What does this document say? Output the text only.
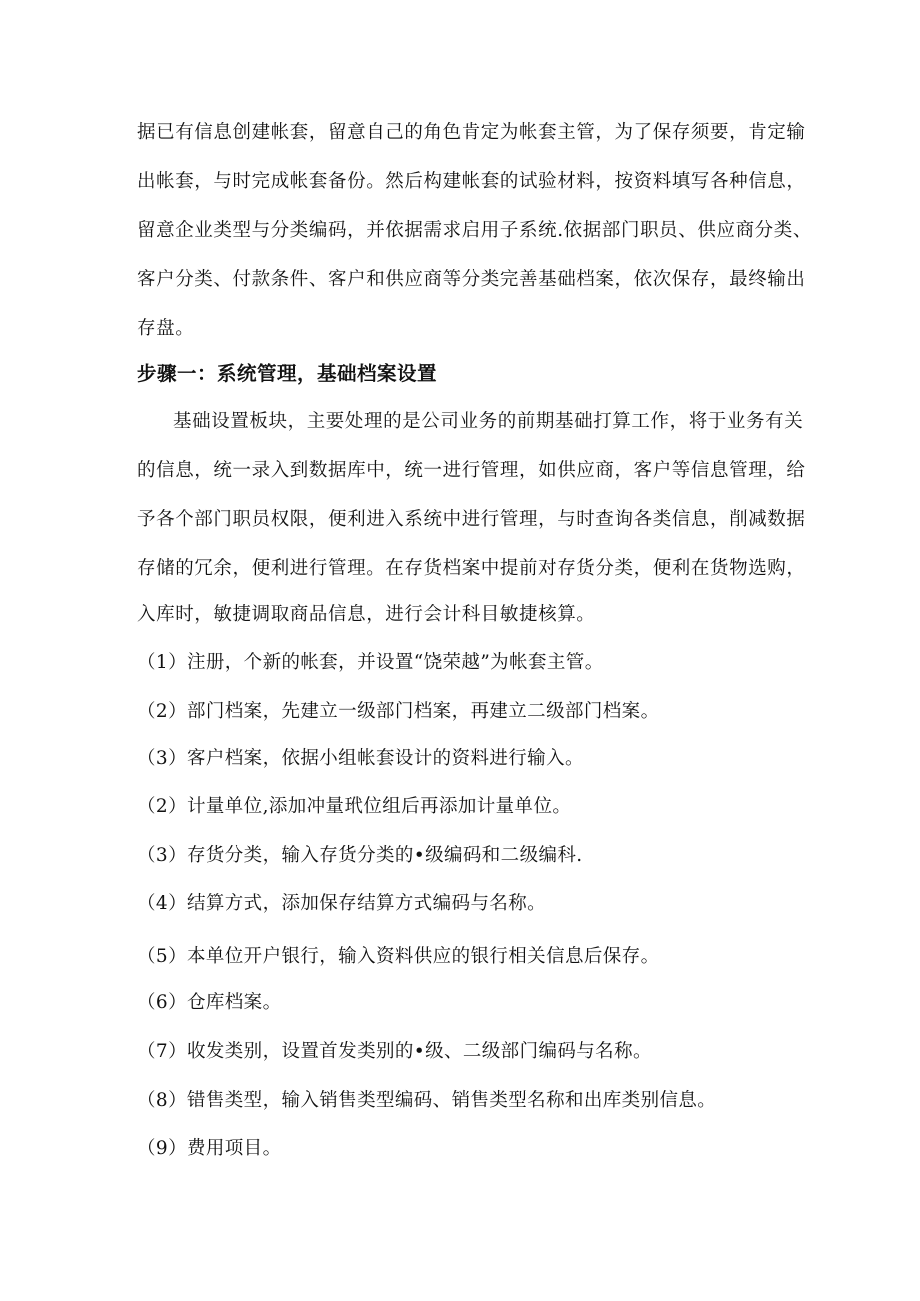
据已有信息创建帐套，留意自己的角色肯定为帐套主管，为了保存须要，肯定输
出帐套，与时完成帐套备份。然后构建帐套的试验材料，按资料填写各种信息，
留意企业类型与分类编码，并依据需求启用子系统.依据部门职员、供应商分类、
客户分类、付款条件、客户和供应商等分类完善基础档案，依次保存，最终输出
存盘。
步骤一：系统管理，基础档案设置
基础设置板块，主要处理的是公司业务的前期基础打算工作，将于业务有关
的信息，统一录入到数据库中，统一进行管理，如供应商，客户等信息管理，给
予各个部门职员权限，便利进入系统中进行管理，与时查询各类信息，削减数据
存储的冗余，便利进行管理。在存货档案中提前对存货分类，便利在货物选购，
入库时，敏捷调取商品信息，进行会计科目敏捷核算。
（1）注册，个新的帐套，并设置“饶荣越”为帐套主管。
（2）部门档案，先建立一级部门档案，再建立二级部门档案。
（3）客户档案，依据小组帐套设计的资料进行输入。
（2）计量单位,添加冲量玳位组后再添加计量单位。
（3）存货分类，输入存货分类的•级编码和二级编科.
（4）结算方式，添加保存结算方式编码与名称。
（5）本单位开户银行，输入资料供应的银行相关信息后保存。
（6）仓库档案。
（7）收发类别，设置首发类别的•级、二级部门编码与名称。
（8）错售类型，输入销售类型编码、销售类型名称和出库类别信息。
（9）费用项目。
